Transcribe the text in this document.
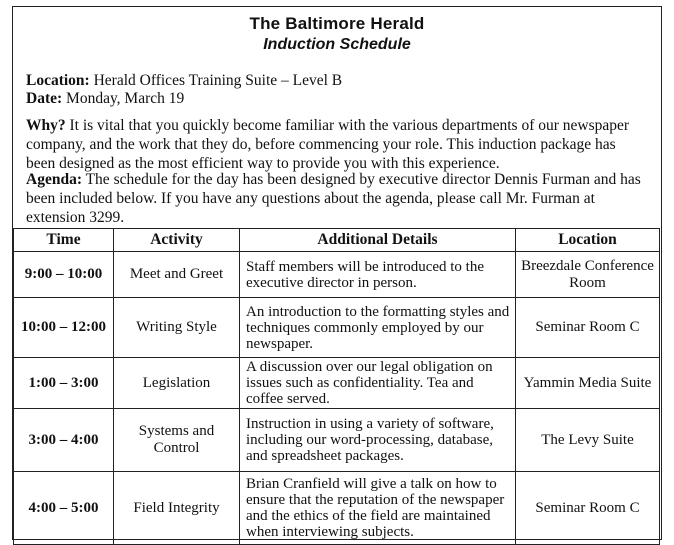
The Baltimore Herald
Induction Schedule
Location: Herald Offices Training Suite – Level B
Date: Monday, March 19
Why? It is vital that you quickly become familiar with the various departments of our newspaper company, and the work that they do, before commencing your role. This induction package has been designed as the most efficient way to provide you with this experience.
Agenda: The schedule for the day has been designed by executive director Dennis Furman and has been included below. If you have any questions about the agenda, please call Mr. Furman at extension 3299.
Time	Activity	Additional Details	Location
9:00 – 10:00	Meet and Greet	Staff members will be introduced to the executive director in person.	Breezdale Conference Room
10:00 – 12:00	Writing Style	An introduction to the formatting styles and techniques commonly employed by our newspaper.	Seminar Room C
1:00 – 3:00	Legislation	A discussion over our legal obligation on issues such as confidentiality. Tea and coffee served.	Yammin Media Suite
3:00 – 4:00	Systems and Control	Instruction in using a variety of software, including our word-processing, database, and spreadsheet packages.	The Levy Suite
4:00 – 5:00	Field Integrity	Brian Cranfield will give a talk on how to ensure that the reputation of the newspaper and the ethics of the field are maintained when interviewing subjects.	Seminar Room C
